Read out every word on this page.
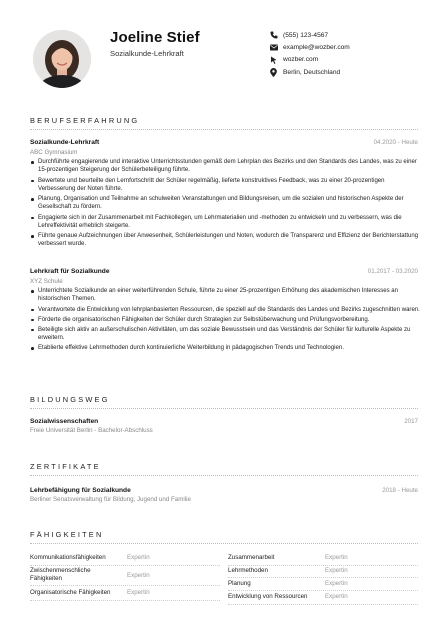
Joeline Stief
Sozialkunde-Lehrkraft
(555) 123-4567
example@wozber.com
wozber.com
Berlin, Deutschland
BERUFSERFAHRUNG
Sozialkunde-Lehrkraft	04.2020 - Heute
ABC Gymnasium
Durchführte engagierende und interaktive Unterrichtsstunden gemäß dem Lehrplan des Bezirks und den Standards des Landes, was zu einer 15-prozentigen Steigerung der Schülerbeteiligung führte.
Bewertete und beurteilte den Lernfortschritt der Schüler regelmäßig, lieferte konstruktives Feedback, was zu einer 20-prozentigen Verbesserung der Noten führte.
Planung, Organisation und Teilnahme an schulweiten Veranstaltungen und Bildungsreisen, um die sozialen und historischen Aspekte der Gesellschaft zu fördern.
Engagierte sich in der Zusammenarbeit mit Fachkollegen, um Lehrmaterialien und -methoden zu entwickeln und zu verbessern, was die Lehreffektivität erheblich steigerte.
Führte genaue Aufzeichnungen über Anwesenheit, Schülerleistungen und Noten, wodurch die Transparenz und Effizienz der Berichterstattung verbessert wurde.
Lehrkraft für Sozialkunde	01.2017 - 03.2020
XYZ Schule
Unterrichtete Sozialkunde an einer weiterführenden Schule, führte zu einer 25-prozentigen Erhöhung des akademischen Interesses an historischen Themen.
Verantwortete die Entwicklung von lehrplanbasierten Ressourcen, die speziell auf die Standards des Landes und Bezirks zugeschnitten waren.
Förderte die organisatorischen Fähigkeiten der Schüler durch Strategien zur Selbstüberwachung und Prüfungsvorbereitung.
Beteiligte sich aktiv an außerschulischen Aktivitäten, um das soziale Bewusstsein und das Verständnis der Schüler für kulturelle Aspekte zu erweitern.
Etablierte effektive Lehrmethoden durch kontinuierliche Weiterbildung in pädagogischen Trends und Technologien.
BILDUNGSWEG
Sozialwissenschaften	2017
Freie Universität Berlin - Bachelor-Abschluss
ZERTIFIKATE
Lehrbefähigung für Sozialkunde	2018 - Heute
Berliner Senatsverwaltung für Bildung, Jugend und Familie
FÄHIGKEITEN
Kommunikationsfähigkeiten	Expertin
Zwischenmenschliche Fähigkeiten	Expertin
Organisatorische Fähigkeiten	Expertin
Zusammenarbeit	Expertin
Lehrmethoden	Expertin
Planung	Expertin
Entwicklung von Ressourcen	Expertin
